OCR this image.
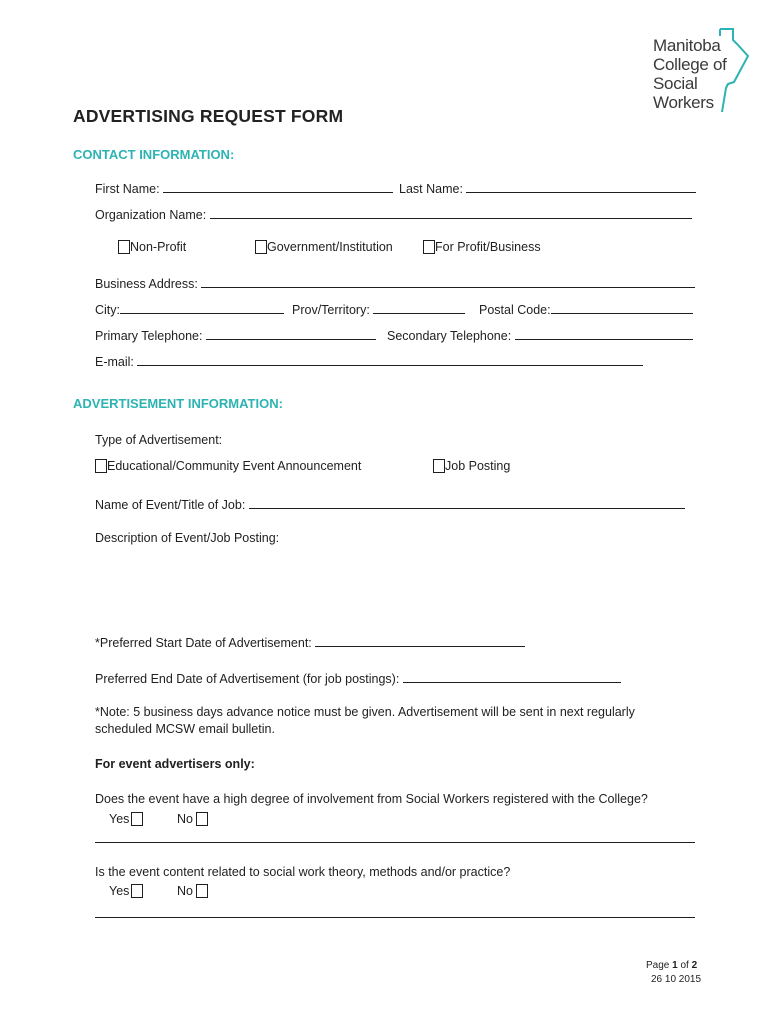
Manitoba
College of
Social
Workers
ADVERTISING REQUEST FORM
CONTACT INFORMATION:
First Name:	Last Name:
Organization Name:
Non-Profit	Government/Institution	For Profit/Business
Business Address:
City:	Prov/Territory:	Postal Code:
Primary Telephone:	Secondary Telephone:
E-mail:
ADVERTISEMENT INFORMATION:
Type of Advertisement:
Educational/Community Event Announcement	Job Posting
Name of Event/Title of Job:
Description of Event/Job Posting:
*Preferred Start Date of Advertisement:
Preferred End Date of Advertisement (for job postings):
*Note: 5 business days advance notice must be given. Advertisement will be sent in next regularly
scheduled MCSW email bulletin.
For event advertisers only:
Does the event have a high degree of involvement from Social Workers registered with the College?
Yes	No
Is the event content related to social work theory, methods and/or practice?
Yes	No
Page 1 of 2
26 10 2015
